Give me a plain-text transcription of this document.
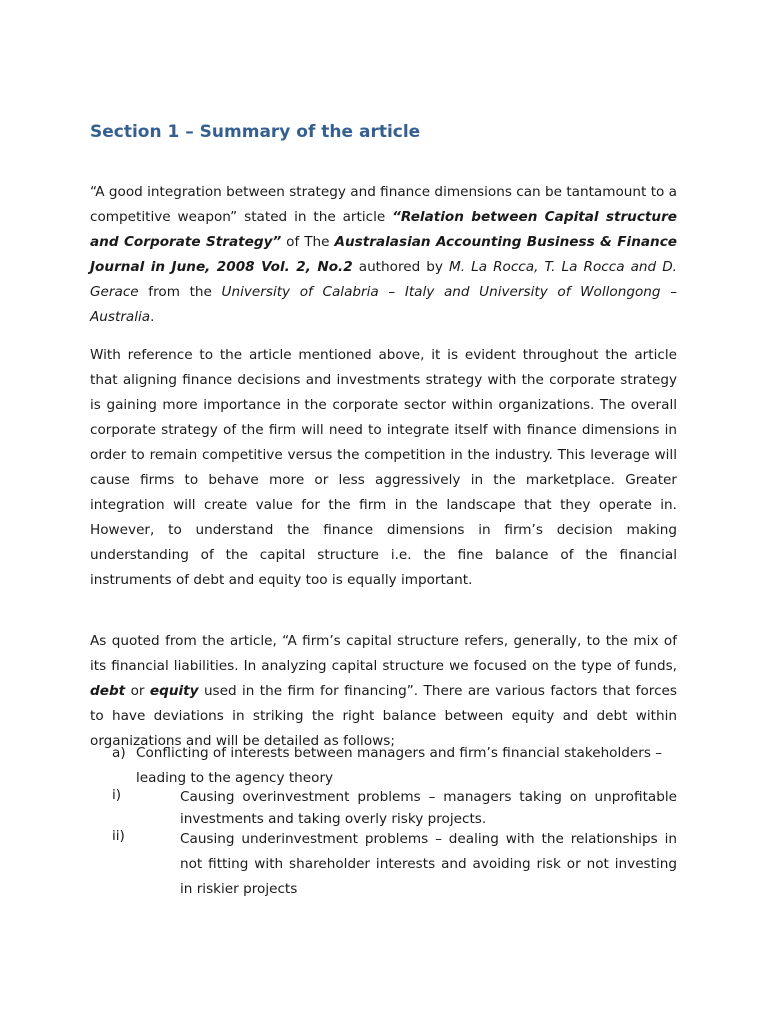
Section 1 – Summary of the article

“A good integration between strategy and finance dimensions can be tantamount to a competitive weapon” stated in the article “Relation between Capital structure and Corporate Strategy” of The Australasian Accounting Business & Finance Journal in June, 2008 Vol. 2, No.2 authored by M. La Rocca, T. La Rocca and D. Gerace from the University of Calabria – Italy and University of Wollongong – Australia.

With reference to the article mentioned above, it is evident throughout the article that aligning finance decisions and investments strategy with the corporate strategy is gaining more importance in the corporate sector within organizations. The overall corporate strategy of the firm will need to integrate itself with finance dimensions in order to remain competitive versus the competition in the industry. This leverage will cause firms to behave more or less aggressively in the marketplace. Greater integration will create value for the firm in the landscape that they operate in. However, to understand the finance dimensions in firm’s decision making understanding of the capital structure i.e. the fine balance of the financial instruments of debt and equity too is equally important.

As quoted from the article, “A firm’s capital structure refers, generally, to the mix of its financial liabilities. In analyzing capital structure we focused on the type of funds, debt or equity used in the firm for financing”. There are various factors that forces to have deviations in striking the right balance between equity and debt within organizations and will be detailed as follows;

a) Conflicting of interests between managers and firm’s financial stakeholders – leading to the agency theory
i)	Causing overinvestment problems – managers taking on unprofitable investments and taking overly risky projects.
ii)	Causing underinvestment problems – dealing with the relationships in not fitting with shareholder interests and avoiding risk or not investing in riskier projects
